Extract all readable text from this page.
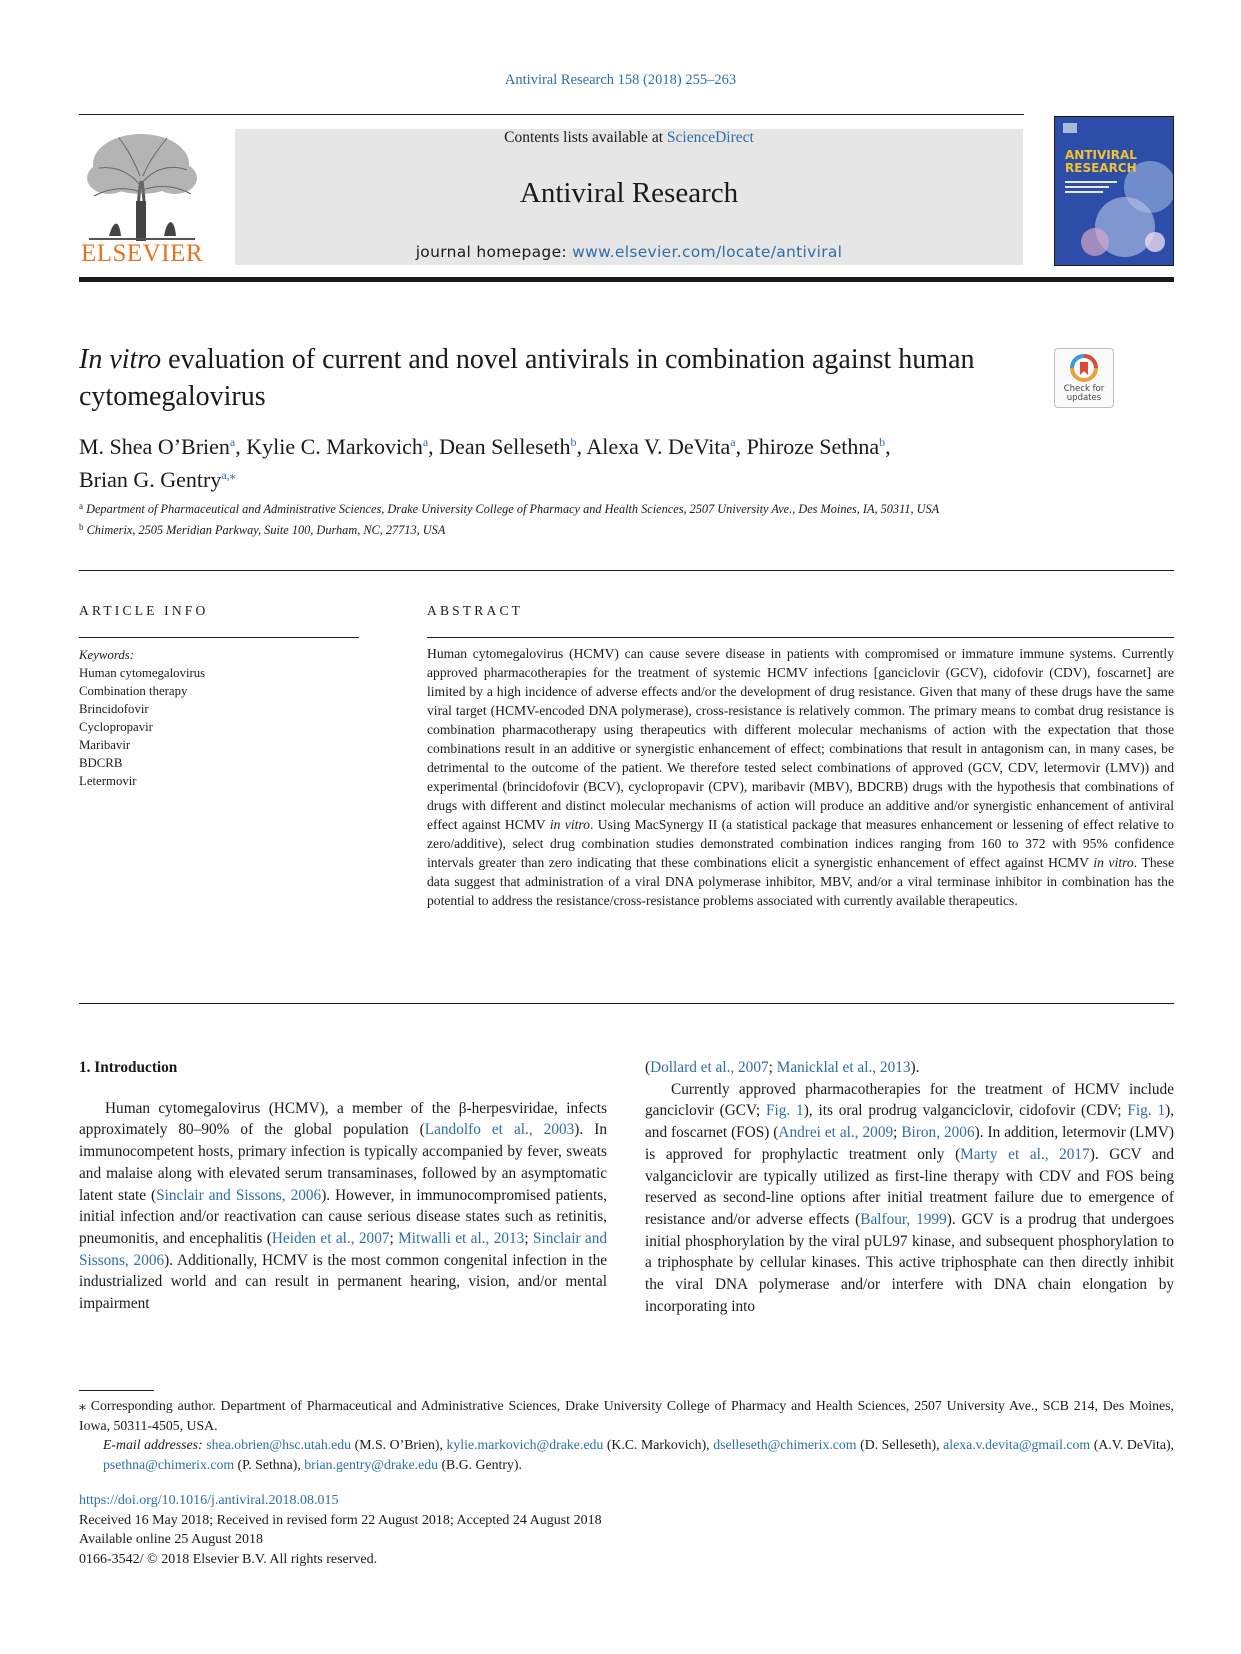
Antiviral Research 158 (2018) 255–263
ELSEVIER
Contents lists available at ScienceDirect
Antiviral Research
journal homepage: www.elsevier.com/locate/antiviral
ANTIVIRAL RESEARCH
In vitro evaluation of current and novel antivirals in combination against human cytomegalovirus	Check for updates
M. Shea O’Brien$^a$, Kylie C. Markovich$^a$, Dean Selleseth$^b$, Alexa V. DeVita$^a$, Phiroze Sethna$^b$,
Brian G. Gentry$^{a,⁎}$
$^a$ Department of Pharmaceutical and Administrative Sciences, Drake University College of Pharmacy and Health Sciences, 2507 University Ave., Des Moines, IA, 50311, USA
$^b$ Chimerix, 2505 Meridian Parkway, Suite 100, Durham, NC, 27713, USA
ARTICLE INFO
Keywords:
Human cytomegalovirus
Combination therapy
Brincidofovir
Cyclopropavir
Maribavir
BDCRB
Letermovir
ABSTRACT
Human cytomegalovirus (HCMV) can cause severe disease in patients with compromised or immature immune systems. Currently approved pharmacotherapies for the treatment of systemic HCMV infections [ganciclovir (GCV), cidofovir (CDV), foscarnet] are limited by a high incidence of adverse effects and/or the development of drug resistance. Given that many of these drugs have the same viral target (HCMV-encoded DNA polymerase), cross-resistance is relatively common. The primary means to combat drug resistance is combination pharmacotherapy using therapeutics with different molecular mechanisms of action with the expectation that those combinations result in an additive or synergistic enhancement of effect; combinations that result in antagonism can, in many cases, be detrimental to the outcome of the patient. We therefore tested select combinations of approved (GCV, CDV, letermovir (LMV)) and experimental (brincidofovir (BCV), cyclopropavir (CPV), maribavir (MBV), BDCRB) drugs with the hypothesis that combinations of drugs with different and distinct molecular mechanisms of action will produce an additive and/or synergistic enhancement of antiviral effect against HCMV in vitro. Using MacSynergy II (a statistical package that measures enhancement or lessening of effect relative to zero/additive), select drug combination studies demonstrated combination indices ranging from 160 to 372 with 95% confidence intervals greater than zero indicating that these combinations elicit a synergistic enhancement of effect against HCMV in vitro. These data suggest that administration of a viral DNA polymerase inhibitor, MBV, and/or a viral terminase inhibitor in combination has the potential to address the resistance/cross-resistance problems associated with currently available therapeutics.
1. Introduction

Human cytomegalovirus (HCMV), a member of the β-herpesviridae, infects approximately 80–90% of the global population (Landolfo et al., 2003). In immunocompetent hosts, primary infection is typically accompanied by fever, sweats and malaise along with elevated serum transaminases, followed by an asymptomatic latent state (Sinclair and Sissons, 2006). However, in immunocompromised patients, initial infection and/or reactivation can cause serious disease states such as retinitis, pneumonitis, and encephalitis (Heiden et al., 2007; Mitwalli et al., 2013; Sinclair and Sissons, 2006). Additionally, HCMV is the most common congenital infection in the industrialized world and can result in permanent hearing, vision, and/or mental impairment

(Dollard et al., 2007; Manicklal et al., 2013).

Currently approved pharmacotherapies for the treatment of HCMV include ganciclovir (GCV; Fig. 1), its oral prodrug valganciclovir, cidofovir (CDV; Fig. 1), and foscarnet (FOS) (Andrei et al., 2009; Biron, 2006). In addition, letermovir (LMV) is approved for prophylactic treatment only (Marty et al., 2017). GCV and valganciclovir are typically utilized as first-line therapy with CDV and FOS being reserved as second-line options after initial treatment failure due to emergence of resistance and/or adverse effects (Balfour, 1999). GCV is a prodrug that undergoes initial phosphorylation by the viral pUL97 kinase, and subsequent phosphorylation to a triphosphate by cellular kinases. This active triphosphate can then directly inhibit the viral DNA polymerase and/or interfere with DNA chain elongation by incorporating into

⁎ Corresponding author. Department of Pharmaceutical and Administrative Sciences, Drake University College of Pharmacy and Health Sciences, 2507 University Ave., SCB 214, Des Moines, Iowa, 50311-4505, USA.

E-mail addresses: shea.obrien@hsc.utah.edu (M.S. O’Brien), kylie.markovich@drake.edu (K.C. Markovich), dselleseth@chimerix.com (D. Selleseth), alexa.v.devita@gmail.com (A.V. DeVita), psethna@chimerix.com (P. Sethna), brian.gentry@drake.edu (B.G. Gentry).

https://doi.org/10.1016/j.antiviral.2018.08.015
Received 16 May 2018; Received in revised form 22 August 2018; Accepted 24 August 2018
Available online 25 August 2018
0166-3542/ © 2018 Elsevier B.V. All rights reserved.
